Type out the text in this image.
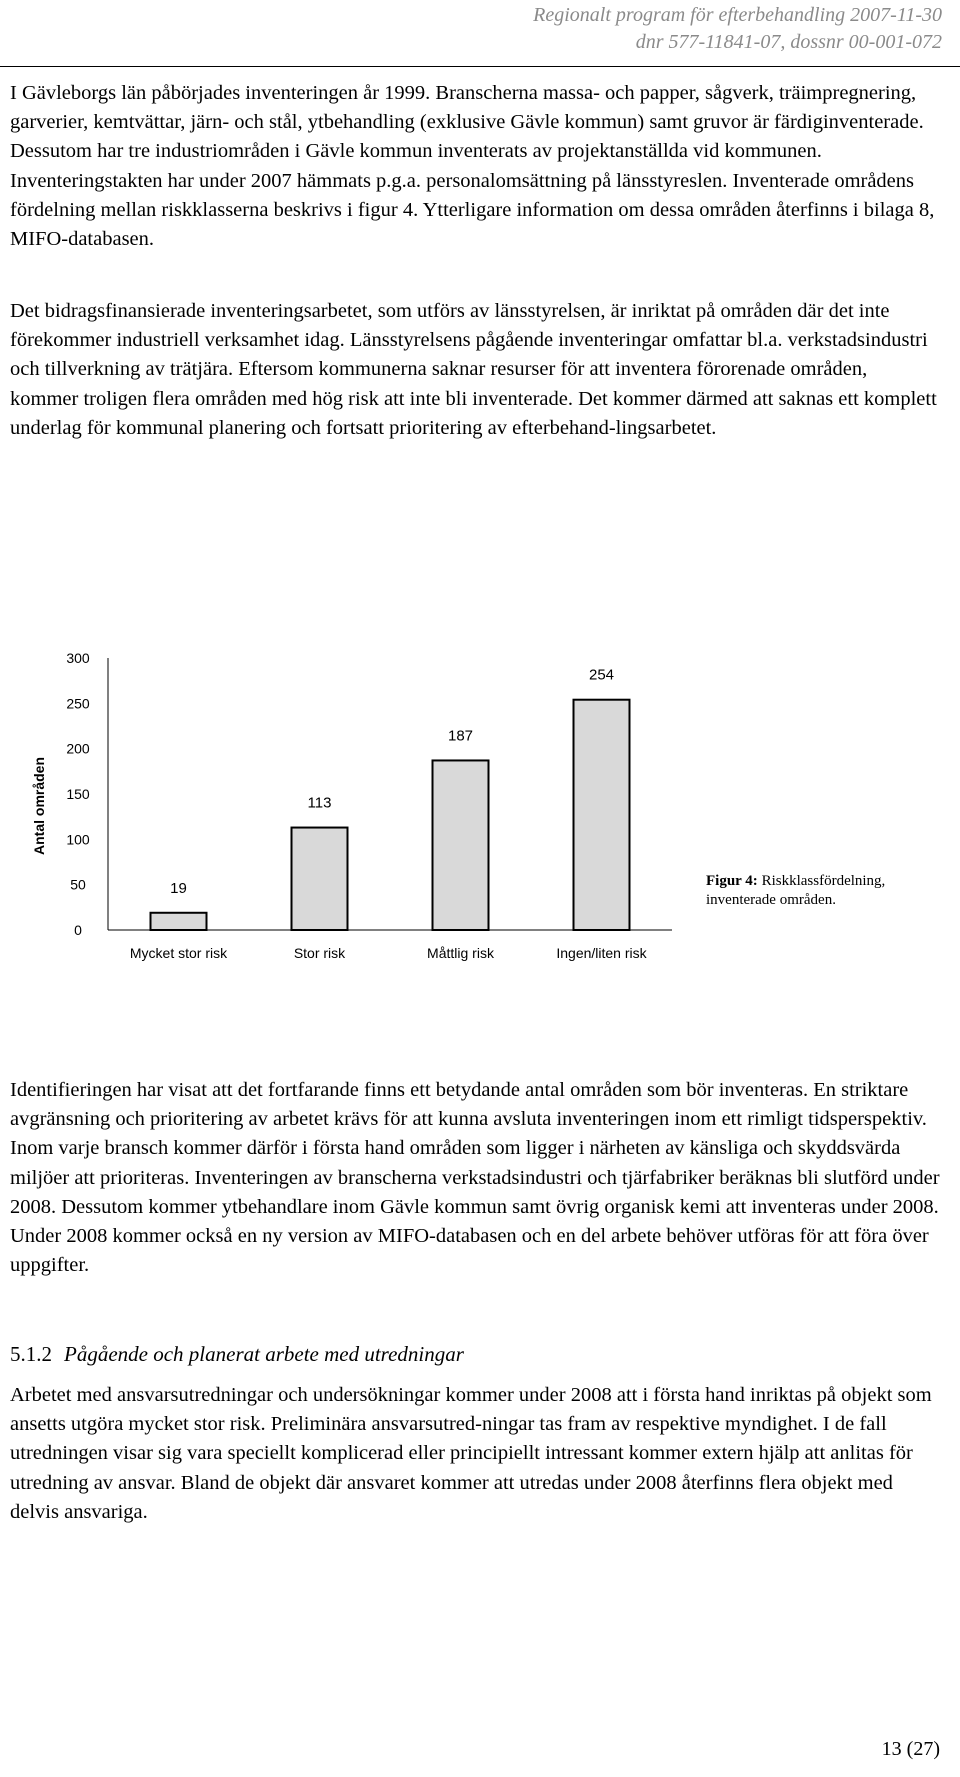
Regionalt program för efterbehandling 2007-11-30
dnr 577-11841-07, dossnr 00-001-072

I Gävleborgs län påbörjades inventeringen år 1999. Branscherna massa- och papper, sågverk, träimpregnering, garverier, kemtvättar, järn- och stål, ytbehandling (exklusive Gävle kommun) samt gruvor är färdiginventerade. Dessutom har tre industriområden i Gävle kommun inventerats av projektanställda vid kommunen. Inventeringstakten har under 2007 hämmats p.g.a. personalomsättning på länsstyreslen. Inventerade områdens fördelning mellan riskklasserna beskrivs i figur 4. Ytterligare information om dessa områden återfinns i bilaga 8, MIFO-databasen.

Det bidragsfinansierade inventeringsarbetet, som utförs av länsstyrelsen, är inriktat på områden där det inte förekommer industriell verksamhet idag. Länsstyrelsens pågående inventeringar omfattar bl.a. verkstadsindustri och tillverkning av trätjära. Eftersom kommunerna saknar resurser för att inventera förorenade områden, kommer troligen flera områden med hög risk att inte bli inventerade. Det kommer därmed att saknas ett komplett underlag för kommunal planering och fortsatt prioritering av efterbehand-lingsarbetet.

0
50
100
150
200
250
300
Antal områden
19
Mycket stor risk
113
Stor risk
187
Måttlig risk
254
Ingen/liten risk
Figur 4: Riskklassfördelning, inventerade områden.

Identifieringen har visat att det fortfarande finns ett betydande antal områden som bör inventeras. En striktare avgränsning och prioritering av arbetet krävs för att kunna avsluta inventeringen inom ett rimligt tidsperspektiv. Inom varje bransch kommer därför i första hand områden som ligger i närheten av känsliga och skyddsvärda miljöer att prioriteras. Inventeringen av branscherna verkstadsindustri och tjärfabriker beräknas bli slutförd under 2008. Dessutom kommer ytbehandlare inom Gävle kommun samt övrig organisk kemi att inventeras under 2008. Under 2008 kommer också en ny version av MIFO-databasen och en del arbete behöver utföras för att föra över uppgifter.

5.1.2 Pågående och planerat arbete med utredningar

Arbetet med ansvarsutredningar och undersökningar kommer under 2008 att i första hand inriktas på objekt som ansetts utgöra mycket stor risk. Preliminära ansvarsutred-ningar tas fram av respektive myndighet. I de fall utredningen visar sig vara speciellt komplicerad eller principiellt intressant kommer extern hjälp att anlitas för utredning av ansvar. Bland de objekt där ansvaret kommer att utredas under 2008 återfinns flera objekt med delvis ansvariga.

13 (27)
